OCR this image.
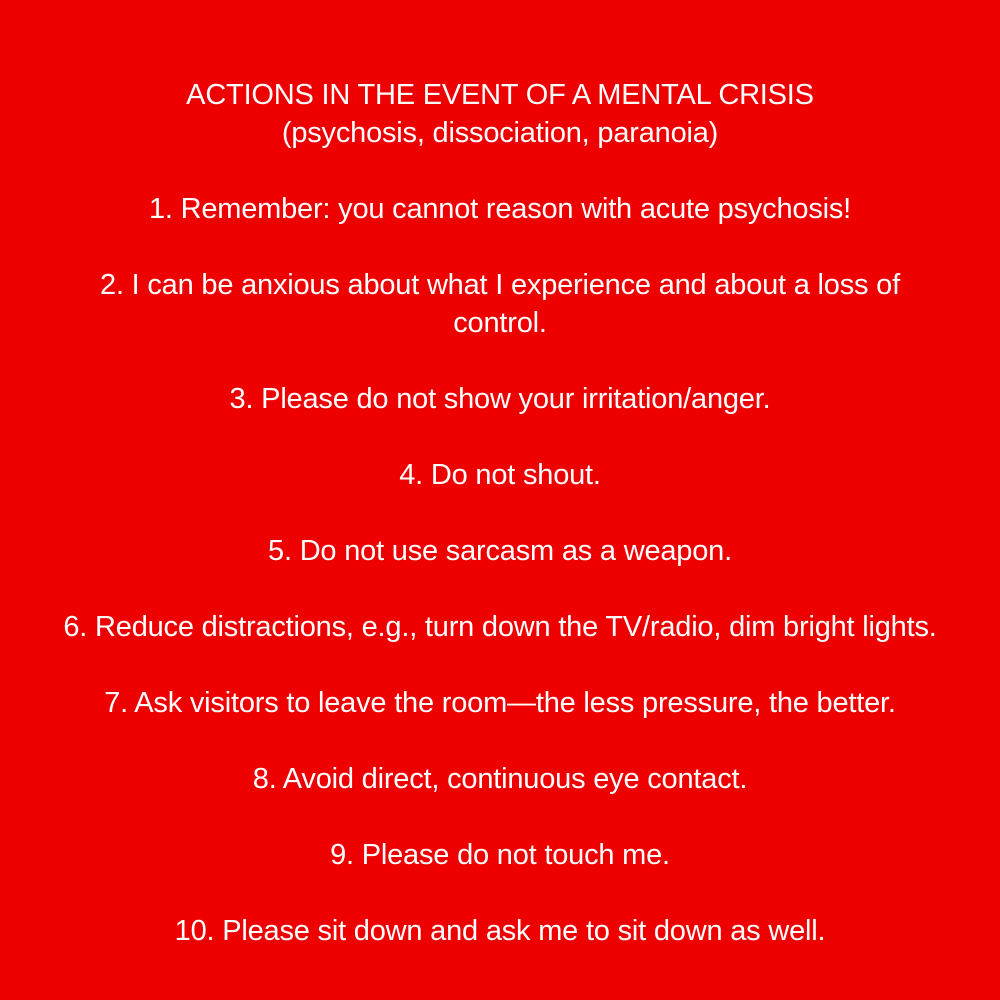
ACTIONS IN THE EVENT OF A MENTAL CRISIS
(psychosis, dissociation, paranoia)
1. Remember: you cannot reason with acute psychosis!
2. I can be anxious about what I experience and about a loss of control.
3. Please do not show your irritation/anger.
4. Do not shout.
5. Do not use sarcasm as a weapon.
6. Reduce distractions, e.g., turn down the TV/radio, dim bright lights.
7. Ask visitors to leave the room—the less pressure, the better.
8. Avoid direct, continuous eye contact.
9. Please do not touch me.
10. Please sit down and ask me to sit down as well.
